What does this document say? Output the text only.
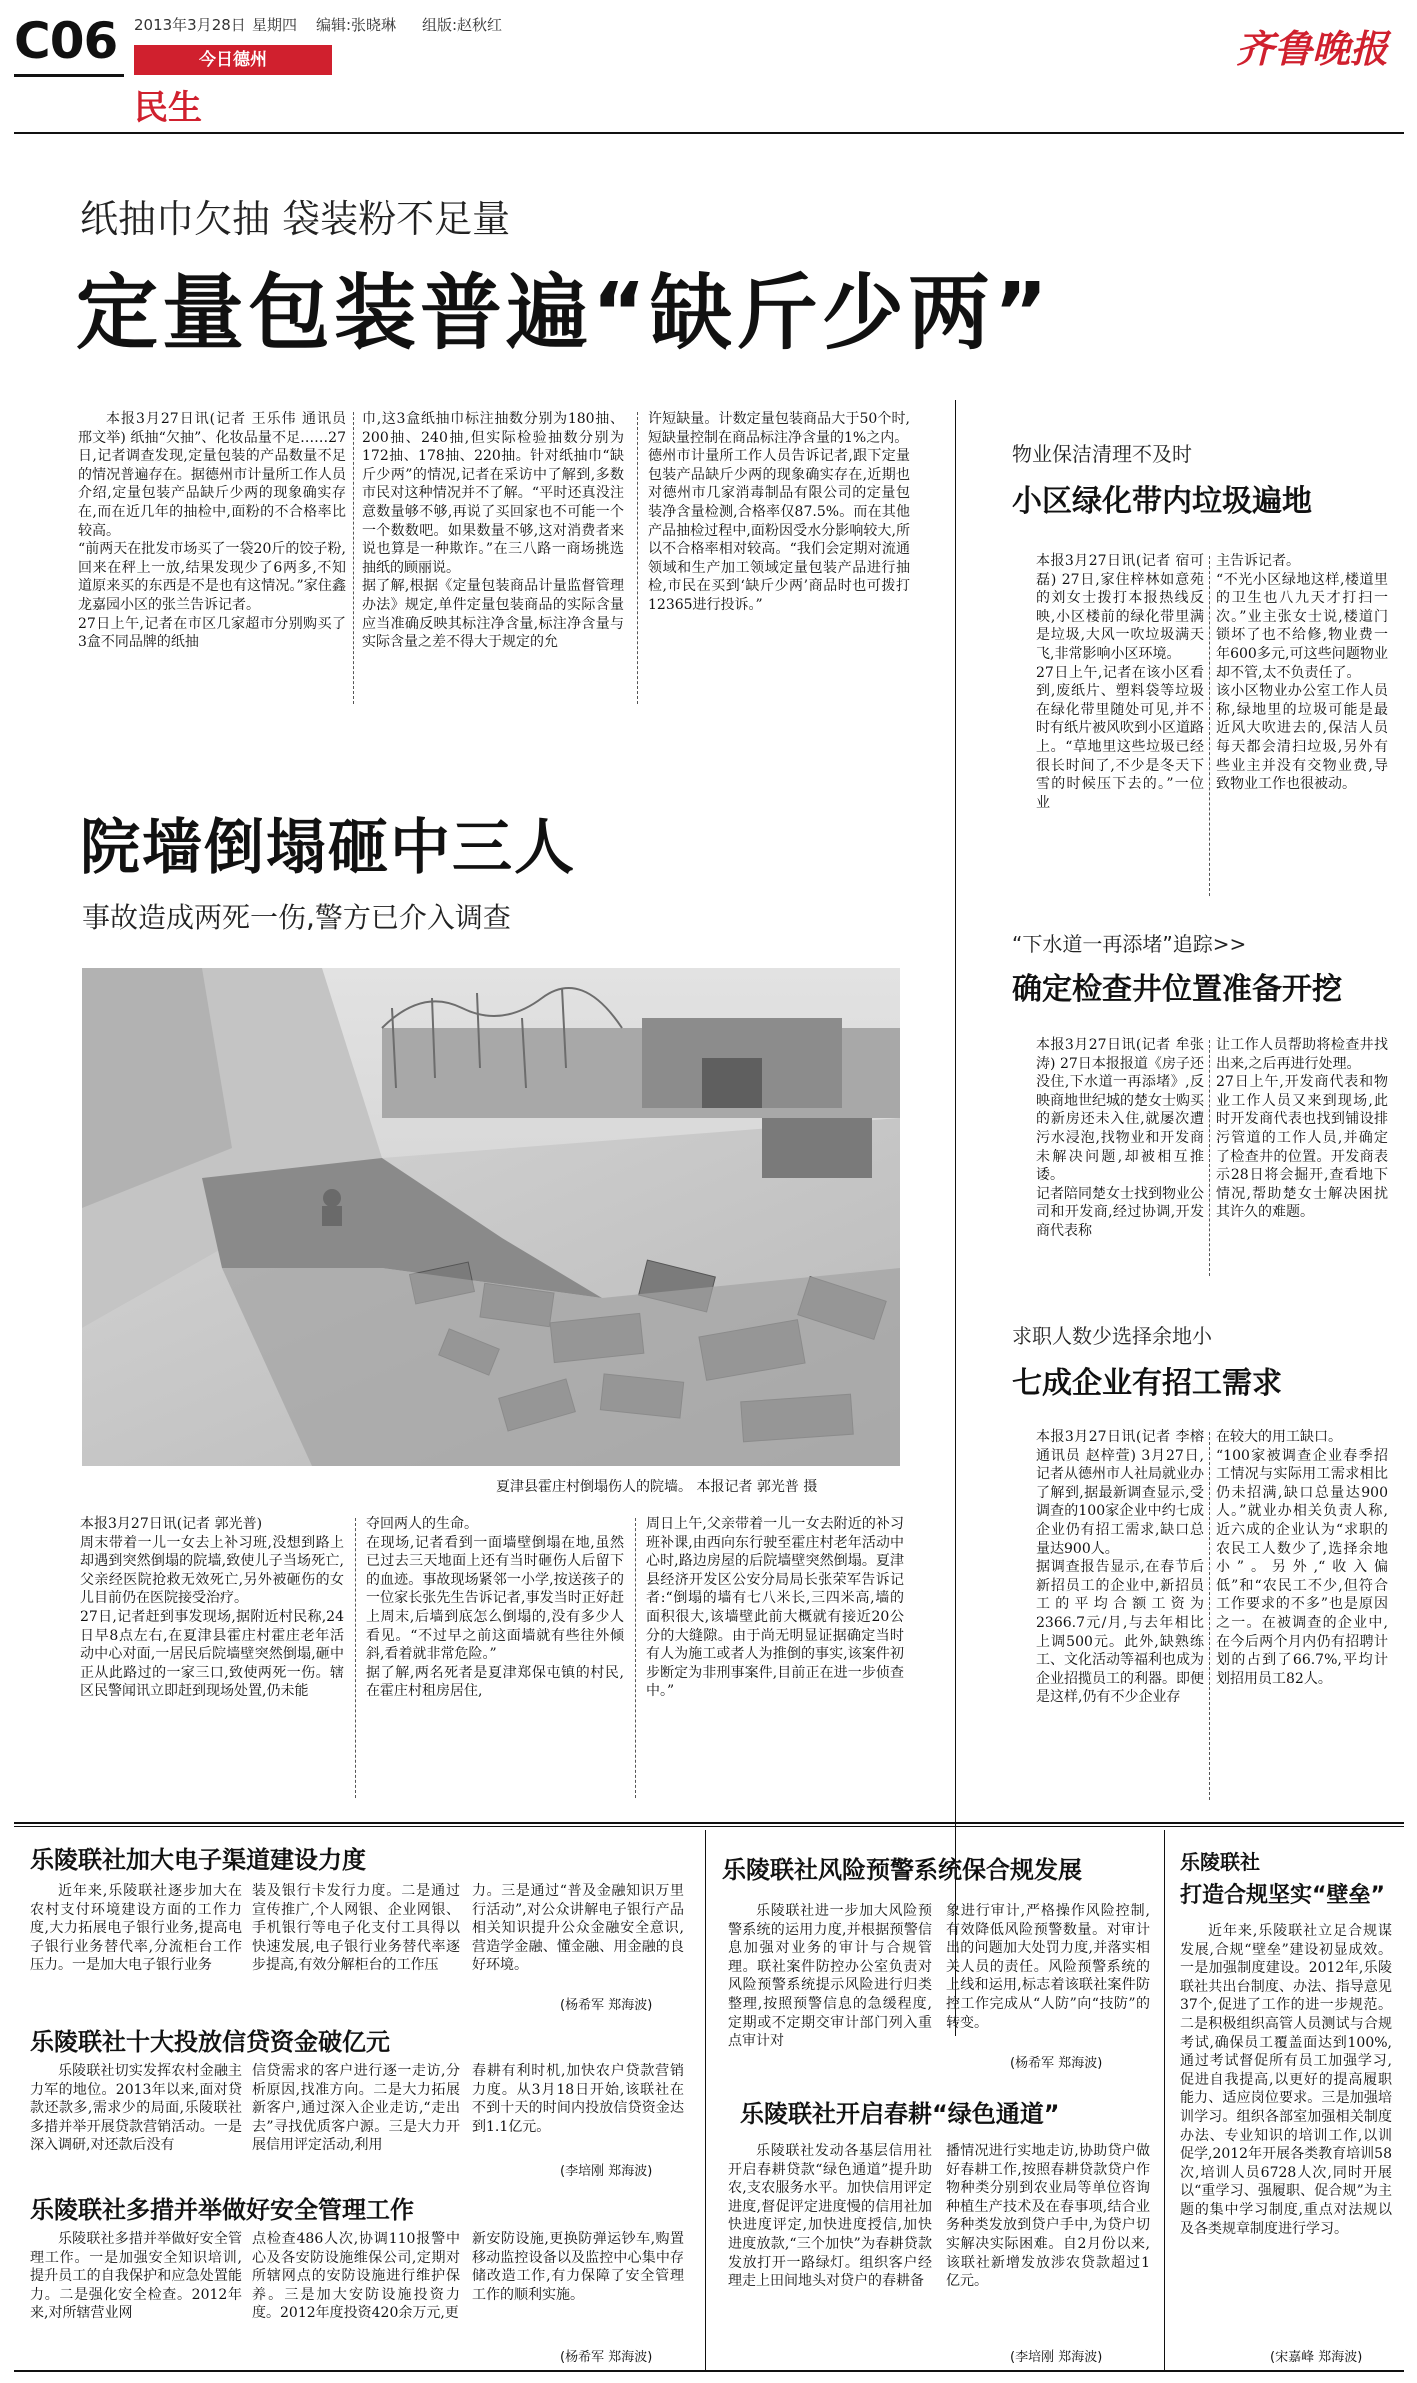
C06 2013年3月28日 星期四 编辑:张晓琳 组版:赵秋红
今日德州
民生
齐鲁晚报
纸抽巾欠抽 袋装粉不足量
定量包装普遍“缺斤少两”
本报3月27日讯(记者 王乐伟 通讯员 邢文举) 纸抽“欠抽”、化妆品量不足……27日,记者调查发现,定量包装的产品数量不足的情况普遍存在。据德州市计量所工作人员介绍,定量包装产品缺斤少两的现象确实存在,而在近几年的抽检中,面粉的不合格率比较高。
“前两天在批发市场买了一袋20斤的饺子粉,回来在秤上一放,结果发现少了6两多,不知道原来买的东西是不是也有这情况。”家住鑫龙嘉园小区的张兰告诉记者。
27日上午,记者在市区几家超市分别购买了3盒不同品牌的纸抽
巾,这3盒纸抽巾标注抽数分别为180抽、200抽、240抽,但实际检验抽数分别为172抽、178抽、220抽。针对纸抽巾“缺斤少两”的情况,记者在采访中了解到,多数市民对这种情况并不了解。“平时还真没注意数量够不够,再说了买回家也不可能一个一个数数吧。如果数量不够,这对消费者来说也算是一种欺诈。”在三八路一商场挑选抽纸的顾丽说。
据了解,根据《定量包装商品计量监督管理办法》规定,单件定量包装商品的实际含量应当准确反映其标注净含量,标注净含量与实际含量之差不得大于规定的允
许短缺量。计数定量包装商品大于50个时,短缺量控制在商品标注净含量的1%之内。
德州市计量所工作人员告诉记者,跟下定量包装产品缺斤少两的现象确实存在,近期也对德州市几家消毒制品有限公司的定量包装净含量检测,合格率仅87.5%。而在其他产品抽检过程中,面粉因受水分影响较大,所以不合格率相对较高。“我们会定期对流通领域和生产加工领域定量包装产品进行抽检,市民在买到‘缺斤少两’商品时也可拨打12365进行投诉。”
院墙倒塌砸中三人
事故造成两死一伤,警方已介入调查
夏津县霍庄村倒塌伤人的院墙。 本报记者 郭光普 摄
本报3月27日讯(记者 郭光普)
周末带着一儿一女去上补习班,没想到路上却遇到突然倒塌的院墙,致使儿子当场死亡,父亲经医院抢救无效死亡,另外被砸伤的女儿目前仍在医院接受治疗。
27日,记者赶到事发现场,据附近村民称,24日早8点左右,在夏津县霍庄村霍庄老年活动中心对面,一居民后院墙壁突然倒塌,砸中正从此路过的一家三口,致使两死一伤。辖区民警闻讯立即赶到现场处置,仍未能
夺回两人的生命。
在现场,记者看到一面墙壁倒塌在地,虽然已过去三天地面上还有当时砸伤人后留下的血迹。事故现场紧邻一小学,按送孩子的一位家长张先生告诉记者,事发当时正好赶上周末,后墙到底怎么倒塌的,没有多少人看见。“不过早之前这面墙就有些往外倾斜,看着就非常危险。”
据了解,两名死者是夏津郑保屯镇的村民,在霍庄村租房居住,
周日上午,父亲带着一儿一女去附近的补习班补课,由西向东行驶至霍庄村老年活动中心时,路边房屋的后院墙壁突然倒塌。夏津县经济开发区公安分局局长张荣军告诉记者:“倒塌的墙有七八米长,三四米高,墙的面积很大,该墙壁此前大概就有接近20公分的大缝隙。由于尚无明显证据确定当时有人为施工或者人为推倒的事实,该案件初步断定为非刑事案件,目前正在进一步侦查中。”
物业保洁清理不及时
小区绿化带内垃圾遍地
本报3月27日讯(记者 宿可磊) 27日,家住梓林如意苑的刘女士拨打本报热线反映,小区楼前的绿化带里满是垃圾,大风一吹垃圾满天飞,非常影响小区环境。
27日上午,记者在该小区看到,废纸片、塑料袋等垃圾在绿化带里随处可见,并不时有纸片被风吹到小区道路上。“草地里这些垃圾已经很长时间了,不少是冬天下雪的时候压下去的。”一位业
主告诉记者。
“不光小区绿地这样,楼道里的卫生也八九天才打扫一次。”业主张女士说,楼道门锁坏了也不给修,物业费一年600多元,可这些问题物业却不管,太不负责任了。
该小区物业办公室工作人员称,绿地里的垃圾可能是最近风大吹进去的,保洁人员每天都会清扫垃圾,另外有些业主并没有交物业费,导致物业工作也很被动。
“下水道一再添堵”追踪>>
确定检查井位置准备开挖
本报3月27日讯(记者 牟张涛) 27日本报报道《房子还没住,下水道一再添堵》,反映商地世纪城的楚女士购买的新房还未入住,就屡次遭污水浸泡,找物业和开发商未解决问题,却被相互推诿。
记者陪同楚女士找到物业公司和开发商,经过协调,开发商代表称
让工作人员帮助将检查井找出来,之后再进行处理。
27日上午,开发商代表和物业工作人员又来到现场,此时开发商代表也找到铺设排污管道的工作人员,并确定了检查井的位置。开发商表示28日将会掘开,查看地下情况,帮助楚女士解决困扰其许久的难题。
求职人数少选择余地小
七成企业有招工需求
本报3月27日讯(记者 李榕 通讯员 赵梓萱) 3月27日,记者从德州市人社局就业办了解到,据最新调查显示,受调查的100家企业中约七成企业仍有招工需求,缺口总量达900人。
据调查报告显示,在春节后新招员工的企业中,新招员工的平均合额工资为2366.7元/月,与去年相比上调500元。此外,缺熟练工、文化活动等福利也成为企业招揽员工的利器。即便是这样,仍有不少企业存
在较大的用工缺口。
“100家被调查企业春季招工情况与实际用工需求相比仍未招满,缺口总量达900人。”就业办相关负责人称,近六成的企业认为“求职的农民工人数少了,选择余地小”。另外,“收入偏低”和“农民工不少,但符合工作要求的不多”也是原因之一。在被调查的企业中,在今后两个月内仍有招聘计划的占到了66.7%,平均计划招用员工82人。
乐陵联社加大电子渠道建设力度
近年来,乐陵联社逐步加大在农村支付环境建设方面的工作力度,大力拓展电子银行业务,提高电子银行业务替代率,分流柜台工作压力。一是加大电子银行业务
装及银行卡发行力度。二是通过宣传推广,个人网银、企业网银、手机银行等电子化支付工具得以快速发展,电子银行业务替代率逐步提高,有效分解柜台的工作压
力。三是通过“普及金融知识万里行活动”,对公众讲解电子银行产品相关知识提升公众金融安全意识,营造学金融、懂金融、用金融的良好环境。
(杨希军 郑海波)
乐陵联社十大投放信贷资金破亿元
乐陵联社切实发挥农村金融主力军的地位。2013年以来,面对贷款还款多,需求少的局面,乐陵联社多措并举开展贷款营销活动。一是深入调研,对还款后没有
信贷需求的客户进行逐一走访,分析原因,找准方向。二是大力拓展新客户,通过深入企业走访,“走出去”寻找优质客户源。三是大力开展信用评定活动,利用
春耕有利时机,加快农户贷款营销力度。从3月18日开始,该联社在不到十天的时间内投放信贷资金达到1.1亿元。
(李培刚 郑海波)
乐陵联社多措并举做好安全管理工作
乐陵联社多措并举做好安全管理工作。一是加强安全知识培训,提升员工的自我保护和应急处置能力。二是强化安全检查。2012年来,对所辖营业网
点检查486人次,协调110报警中心及各安防设施维保公司,定期对所辖网点的安防设施进行维护保养。三是加大安防设施投资力度。2012年度投资420余万元,更
新安防设施,更换防弹运钞车,购置移动监控设备以及监控中心集中存储改造工作,有力保障了安全管理工作的顺利实施。
(杨希军 郑海波)
乐陵联社风险预警系统保合规发展
乐陵联社进一步加大风险预警系统的运用力度,并根据预警信息加强对业务的审计与合规管理。联社案件防控办公室负责对风险预警系统提示风险进行归类整理,按照预警信息的急缓程度,定期或不定期交审计部门列入重点审计对
象进行审计,严格操作风险控制,有效降低风险预警数量。对审计出的问题加大处罚力度,并落实相关人员的责任。风险预警系统的上线和运用,标志着该联社案件防控工作完成从“人防”向“技防”的转变。
(杨希军 郑海波)
乐陵联社开启春耕“绿色通道”
乐陵联社发动各基层信用社开启春耕贷款“绿色通道”提升助农,支农服务水平。加快信用评定进度,督促评定进度慢的信用社加快进度评定,加快进度授信,加快进度放款,“三个加快”为春耕贷款发放打开一路绿灯。组织客户经理走上田间地头对贷户的春耕备
播情况进行实地走访,协助贷户做好春耕工作,按照春耕贷款贷户作物种类分别到农业局等单位咨询种植生产技术及在春事项,结合业务种类发放到贷户手中,为贷户切实解决实际困难。自2月份以来,该联社新增发放涉农贷款超过1亿元。
(李培刚 郑海波)
乐陵联社
打造合规坚实“壁垒”
近年来,乐陵联社立足合规谋发展,合规“壁垒”建设初显成效。一是加强制度建设。2012年,乐陵联社共出台制度、办法、指导意见37个,促进了工作的进一步规范。二是积极组织高管人员测试与合规考试,确保员工覆盖面达到100%,通过考试督促所有员工加强学习,促进自我提高,以更好的提高履职能力、适应岗位要求。三是加强培训学习。组织各部室加强相关制度办法、专业知识的培训工作,以训促学,2012年开展各类教育培训58次,培训人员6728人次,同时开展以“重学习、强履职、促合规”为主题的集中学习制度,重点对法规以及各类规章制度进行学习。
(宋嘉峰 郑海波)
